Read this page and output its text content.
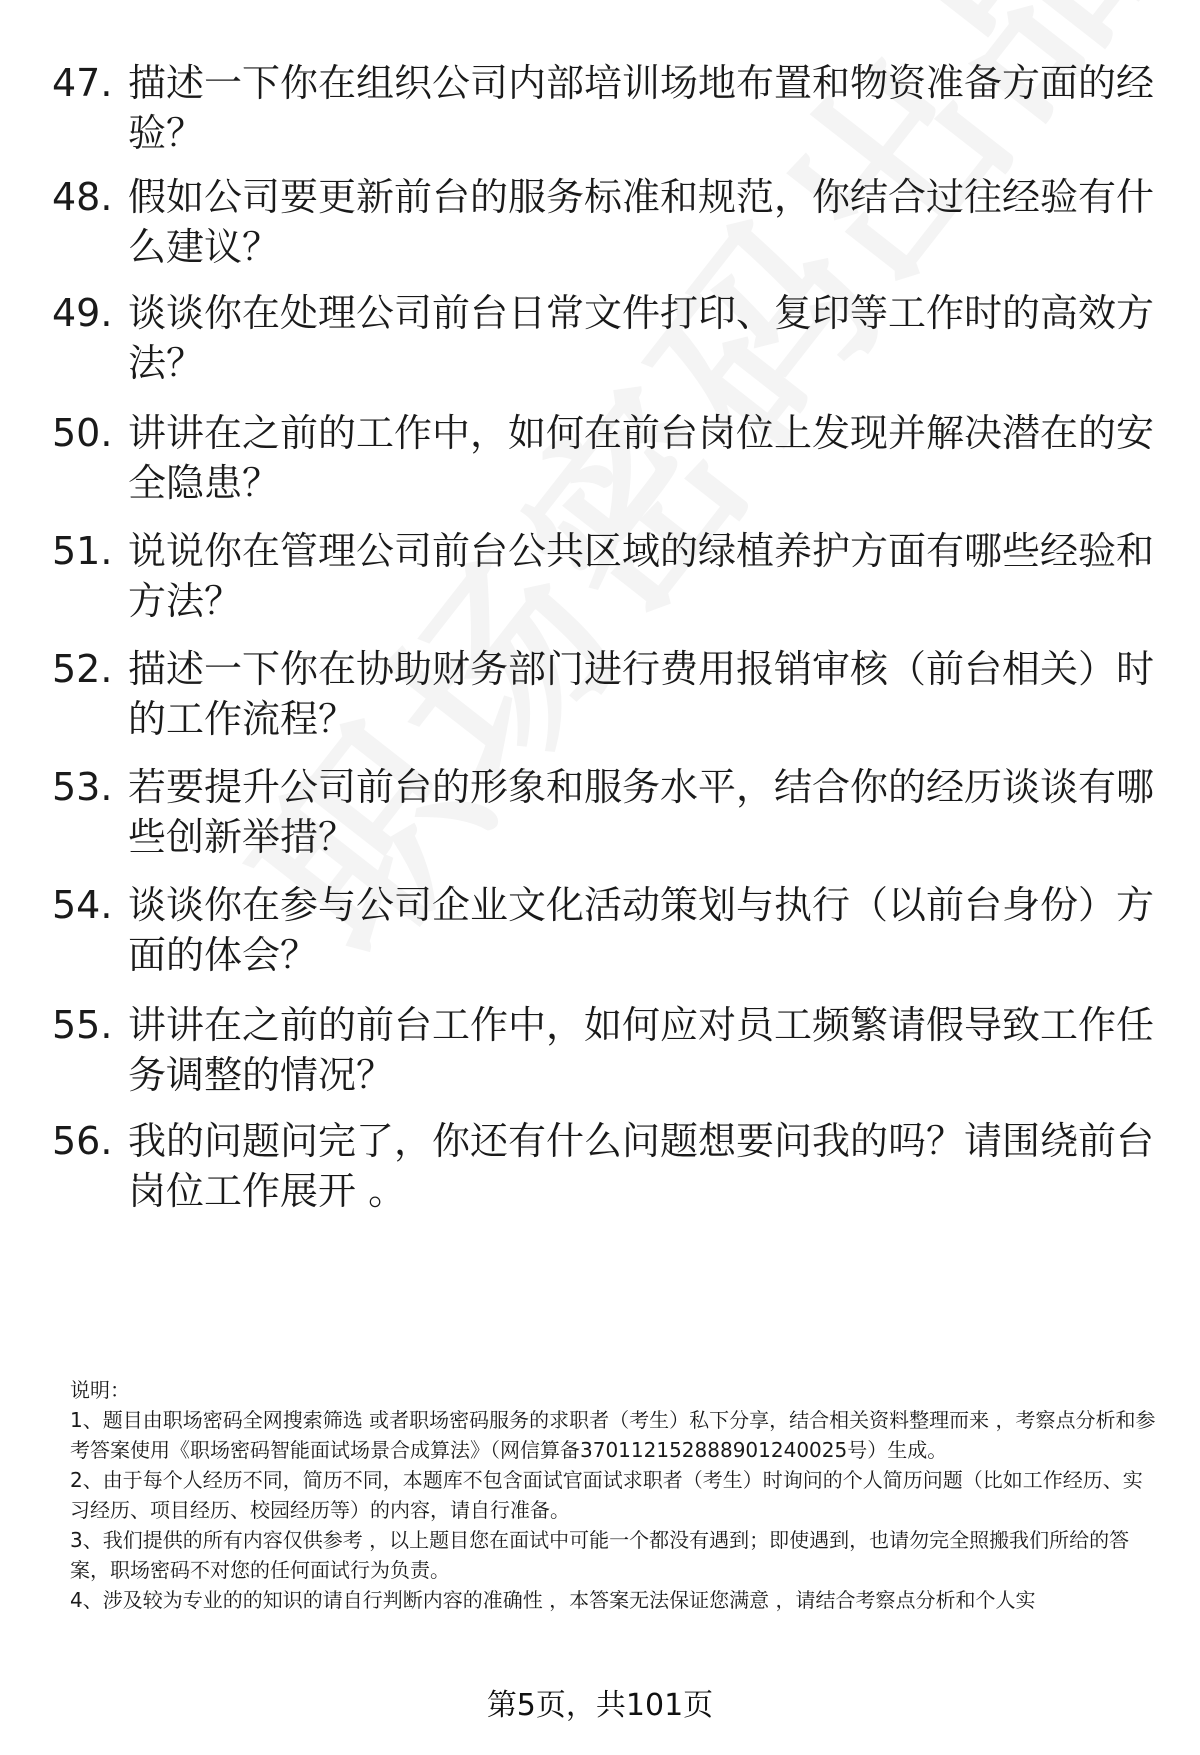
47. 描述一下你在组织公司内部培训场地布置和物资准备方面的经验？
48. 假如公司要更新前台的服务标准和规范，你结合过往经验有什么建议？
49. 谈谈你在处理公司前台日常文件打印、复印等工作时的高效方法？
50. 讲讲在之前的工作中，如何在前台岗位上发现并解决潜在的安全隐患？
51. 说说你在管理公司前台公共区域的绿植养护方面有哪些经验和方法？
52. 描述一下你在协助财务部门进行费用报销审核（前台相关）时的工作流程？
53. 若要提升公司前台的形象和服务水平，结合你的经历谈谈有哪些创新举措？
54. 谈谈你在参与公司企业文化活动策划与执行（以前台身份）方面的体会？
55. 讲讲在之前的前台工作中，如何应对员工频繁请假导致工作任务调整的情况？
56. 我的问题问完了，你还有什么问题想要问我的吗？请围绕前台岗位工作展开 。

说明：

1、题目由职场密码全网搜索筛选 或者职场密码服务的求职者（考生）私下分享，结合相关资料整理而来 ，考察点分析和参考答案使用《职场密码智能面试场景合成算法》（网信算备370112152888901240025号）生成。

2、由于每个人经历不同，简历不同，本题库不包含面试官面试求职者（考生）时询问的个人简历问题（比如工作经历、实习经历、项目经历、校园经历等）的内容，请自行准备。

3、我们提供的所有内容仅供参考 ，以上题目您在面试中可能一个都没有遇到；即使遇到，也请勿完全照搬我们所给的答案，职场密码不对您的任何面试行为负责。

4、涉及较为专业的的知识的请自行判断内容的准确性 ，本答案无法保证您满意 ，请结合考察点分析和个人实

第5页，共101页
